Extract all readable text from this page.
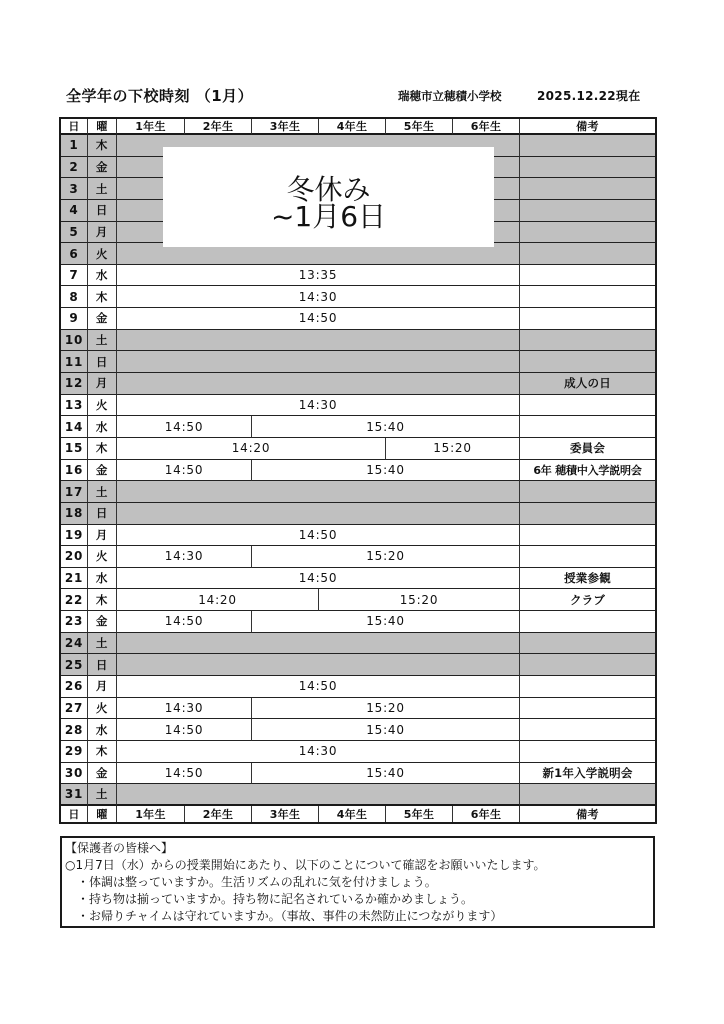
全学年の下校時刻 （1月）	瑞穂市立穂積小学校	2025.12.22現在
日	曜	1年生	2年生	3年生	4年生	5年生	6年生	備考
1	木
2	金
3	土
4	日
5	月
6	火
7	水	13:35
8	木	14:30
9	金	14:50
10	土
11	日
12	月	成人の日
13	火	14:30
14	水	14:50	15:40
15	木	14:20	15:20	委員会
16	金	14:50	15:40	6年 穂積中入学説明会
17	土
18	日
19	月	14:50
20	火	14:30	15:20
21	水	14:50	授業参観
22	木	14:20	15:20	クラブ
23	金	14:50	15:40
24	土
25	日
26	月	14:50
27	火	14:30	15:20
28	水	14:50	15:40
29	木	14:30
30	金	14:50	15:40	新1年入学説明会
31	土
日	曜	1年生	2年生	3年生	4年生	5年生	6年生	備考
冬休み
~1月6日
【保護者の皆様へ】
○1月7日（水）からの授業開始にあたり、以下のことについて確認をお願いいたします。
・体調は整っていますか。生活リズムの乱れに気を付けましょう。
・持ち物は揃っていますか。持ち物に記名されているか確かめましょう。
・お帰りチャイムは守れていますか。（事故、事件の未然防止につながります）
